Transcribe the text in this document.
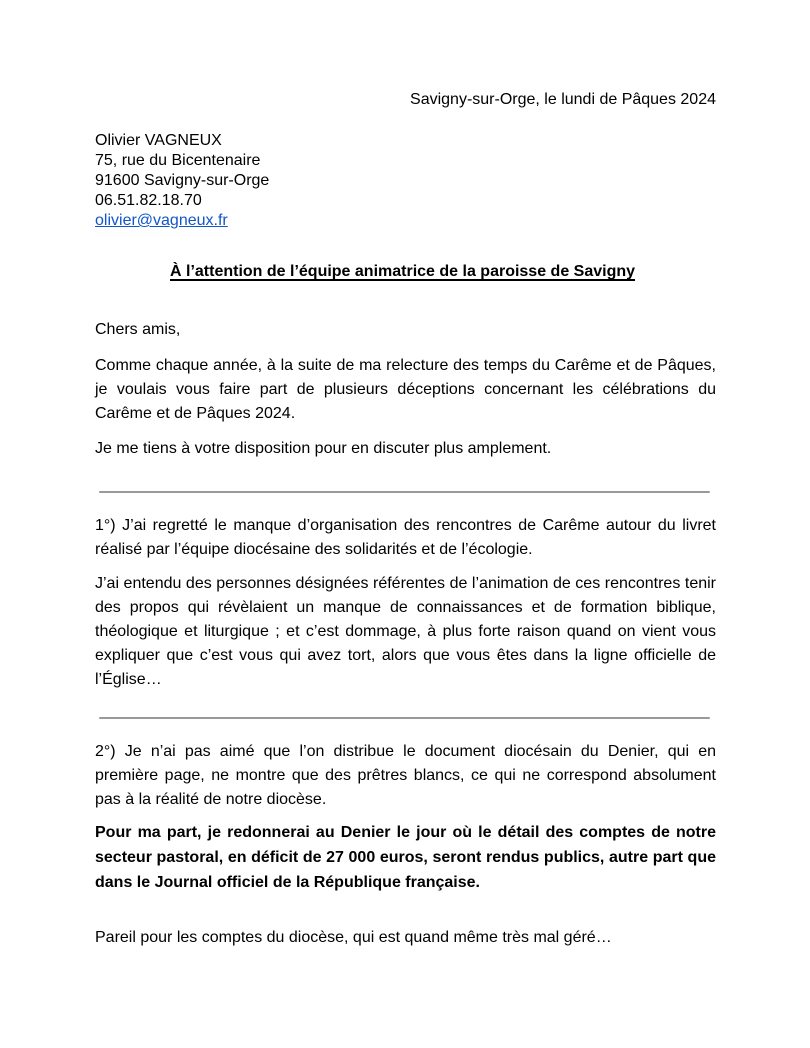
Savigny-sur-Orge, le lundi de Pâques 2024
Olivier VAGNEUX
75, rue du Bicentenaire
91600 Savigny-sur-Orge
06.51.82.18.70
olivier@vagneux.fr
À l’attention de l’équipe animatrice de la paroisse de Savigny
Chers amis,
Comme chaque année, à la suite de ma relecture des temps du Carême et de Pâques, je voulais vous faire part de plusieurs déceptions concernant les célébrations du Carême et de Pâques 2024.
Je me tiens à votre disposition pour en discuter plus amplement.
1°) J’ai regretté le manque d’organisation des rencontres de Carême autour du livret réalisé par l’équipe diocésaine des solidarités et de l’écologie.
J’ai entendu des personnes désignées référentes de l’animation de ces rencontres tenir des propos qui révèlaient un manque de connaissances et de formation biblique, théologique et liturgique ; et c’est dommage, à plus forte raison quand on vient vous expliquer que c’est vous qui avez tort, alors que vous êtes dans la ligne officielle de l’Église…
2°) Je n’ai pas aimé que l’on distribue le document diocésain du Denier, qui en première page, ne montre que des prêtres blancs, ce qui ne correspond absolument pas à la réalité de notre diocèse.
Pour ma part, je redonnerai au Denier le jour où le détail des comptes de notre secteur pastoral, en déficit de 27 000 euros, seront rendus publics, autre part que dans le Journal officiel de la République française.
Pareil pour les comptes du diocèse, qui est quand même très mal géré…
